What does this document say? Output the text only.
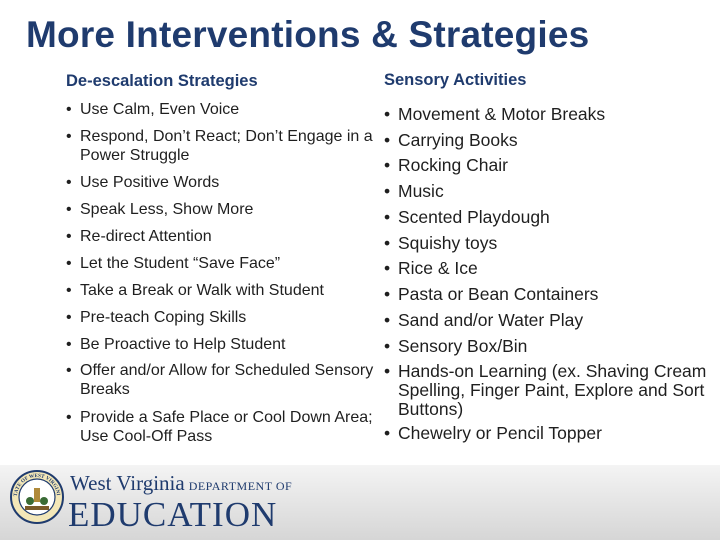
More Interventions & Strategies
De-escalation Strategies
• Use Calm, Even Voice
• Respond, Don’t React; Don’t Engage in a Power Struggle
• Use Positive Words
• Speak Less, Show More
• Re-direct Attention
• Let the Student “Save Face”
• Take a Break or Walk with Student
• Pre-teach Coping Skills
• Be Proactive to Help Student
• Offer and/or Allow for Scheduled Sensory Breaks
• Provide a Safe Place or Cool Down Area; Use Cool-Off Pass
Sensory Activities
• Movement & Motor Breaks
• Carrying Books
• Rocking Chair
• Music
• Scented Playdough
• Squishy toys
• Rice & Ice
• Pasta or Bean Containers
• Sand and/or Water Play
• Sensory Box/Bin
• Hands-on Learning (ex. Shaving Cream Spelling, Finger Paint, Explore and Sort Buttons)
• Chewelry or Pencil Topper
TATE OF WEST VIRGINI West Virginia DEPARTMENT OF
EDUCATION
